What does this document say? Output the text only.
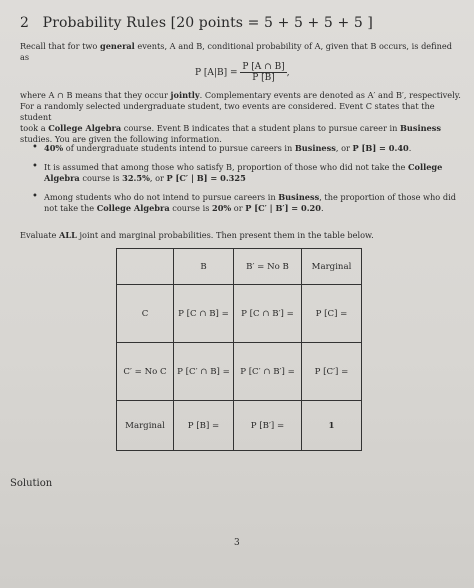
2 Probability Rules [20 points = 5 + 5 + 5 + 5 ]
Recall that for two general events, A and B, conditional probability of A, given that B occurs, is defined
as
P $[A|B] = \frac{P [A \cap B]}{P [B]}$ ,
where A ∩ B means that they occur jointly. Complementary events are denoted as A′ and B′, respectively.
For a randomly selected undergraduate student, two events are considered. Event C states that the student
took a College Algebra course. Event B indicates that a student plans to pursue career in Business
studies. You are given the following information.
• 40% of undergraduate students intend to pursue careers in Business, or P [B] = 0.40.
• It is assumed that among those who satisfy B, proportion of those who did not take the College
Algebra course is 32.5%, or P [C′ | B] = 0.325
• Among students who do not intend to pursue careers in Business, the proportion of those who did
not take the College Algebra course is 20% or P [C′ | B′] = 0.20.
Evaluate ALL joint and marginal probabilities. Then present them in the table below.
	B	B′ = No B	Marginal
C	P [C ∩ B] =	P [C ∩ B′] =	P [C] =
C′ = No C	P [C′ ∩ B] =	P [C′ ∩ B′] =	P [C′] =
Marginal	P [B] =	P [B′] =	1
Solution
3
